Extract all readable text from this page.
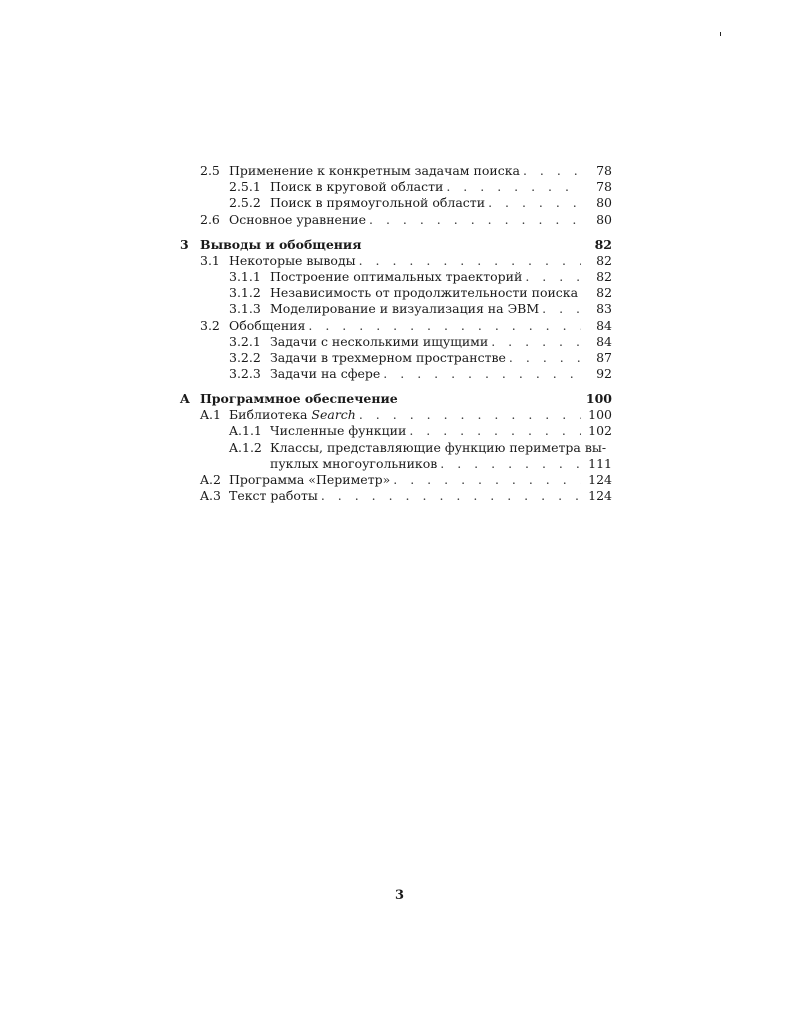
2.5 Применение к конкретным задачам поиска . . .	78
2.5.1 Поиск в круговой области . . .	78
2.5.2 Поиск в прямоугольной области . . .	80
2.6 Основное уравнение . . .	80
3 Выводы и обобщения	82
3.1 Некоторые выводы . . .	82
3.1.1 Построение оптимальных траекторий . . .	82
3.1.2 Независимость от продолжительности поиска	82
3.1.3 Моделирование и визуализация на ЭВМ . . .	83
3.2 Обобщения . . .	84
3.2.1 Задачи с несколькими ищущими . . .	84
3.2.2 Задачи в трехмерном пространстве . . .	87
3.2.3 Задачи на сфере . . .	92
A Программное обеспечение	100
A.1 Библиотека Search . . .	100
A.1.1 Численные функции . . .	102
A.1.2 Классы, представляющие функцию периметра вы-
пуклых многоугольников . . .	111
A.2 Программа «Периметр» . . .	124
A.3 Текст работы . . .	124
3
